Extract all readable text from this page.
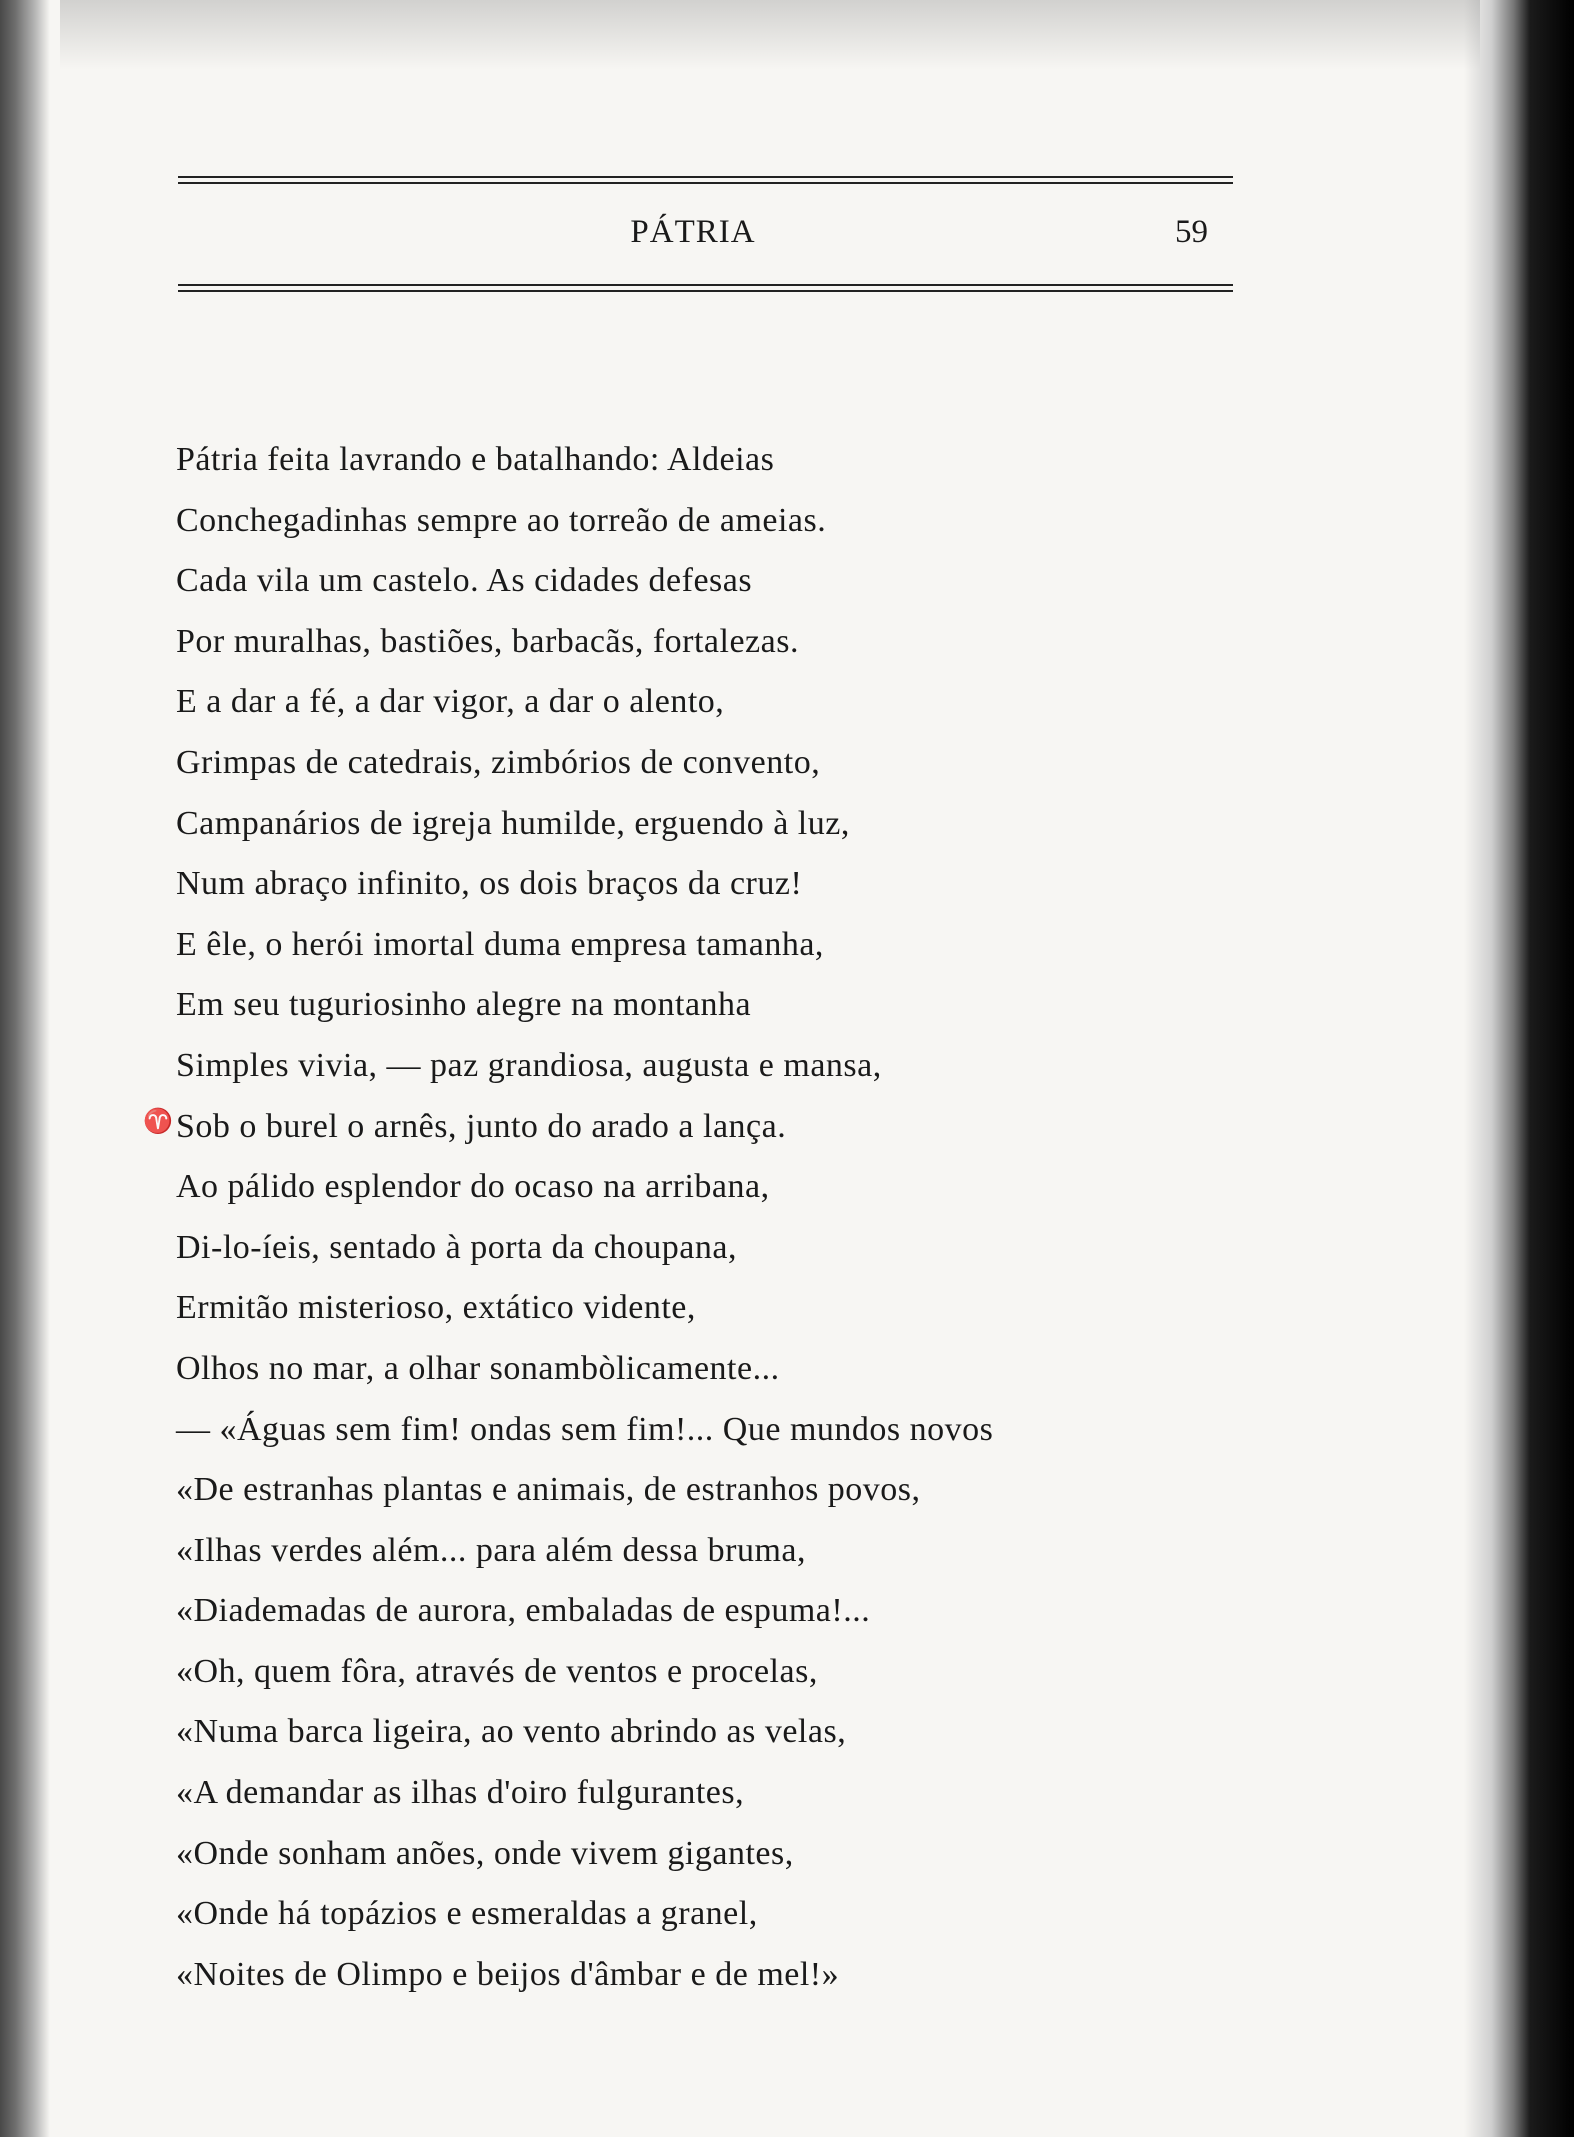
PÁTRIA	59
♈
Pátria feita lavrando e batalhando: Aldeias
Conchegadinhas sempre ao torreão de ameias.
Cada vila um castelo. As cidades defesas
Por muralhas, bastiões, barbacãs, fortalezas.
E a dar a fé, a dar vigor, a dar o alento,
Grimpas de catedrais, zimbórios de convento,
Campanários de igreja humilde, erguendo à luz,
Num abraço infinito, os dois braços da cruz!
E êle, o herói imortal duma empresa tamanha,
Em seu tuguriosinho alegre na montanha
Simples vivia, — paz grandiosa, augusta e mansa,
Sob o burel o arnês, junto do arado a lança.
Ao pálido esplendor do ocaso na arribana,
Di-lo-íeis, sentado à porta da choupana,
Ermitão misterioso, extático vidente,
Olhos no mar, a olhar sonambòlicamente...
— «Águas sem fim! ondas sem fim!... Que mundos novos
«De estranhas plantas e animais, de estranhos povos,
«Ilhas verdes além... para além dessa bruma,
«Diademadas de aurora, embaladas de espuma!...
«Oh, quem fôra, através de ventos e procelas,
«Numa barca ligeira, ao vento abrindo as velas,
«A demandar as ilhas d'oiro fulgurantes,
«Onde sonham anões, onde vivem gigantes,
«Onde há topázios e esmeraldas a granel,
«Noites de Olimpo e beijos d'âmbar e de mel!»
